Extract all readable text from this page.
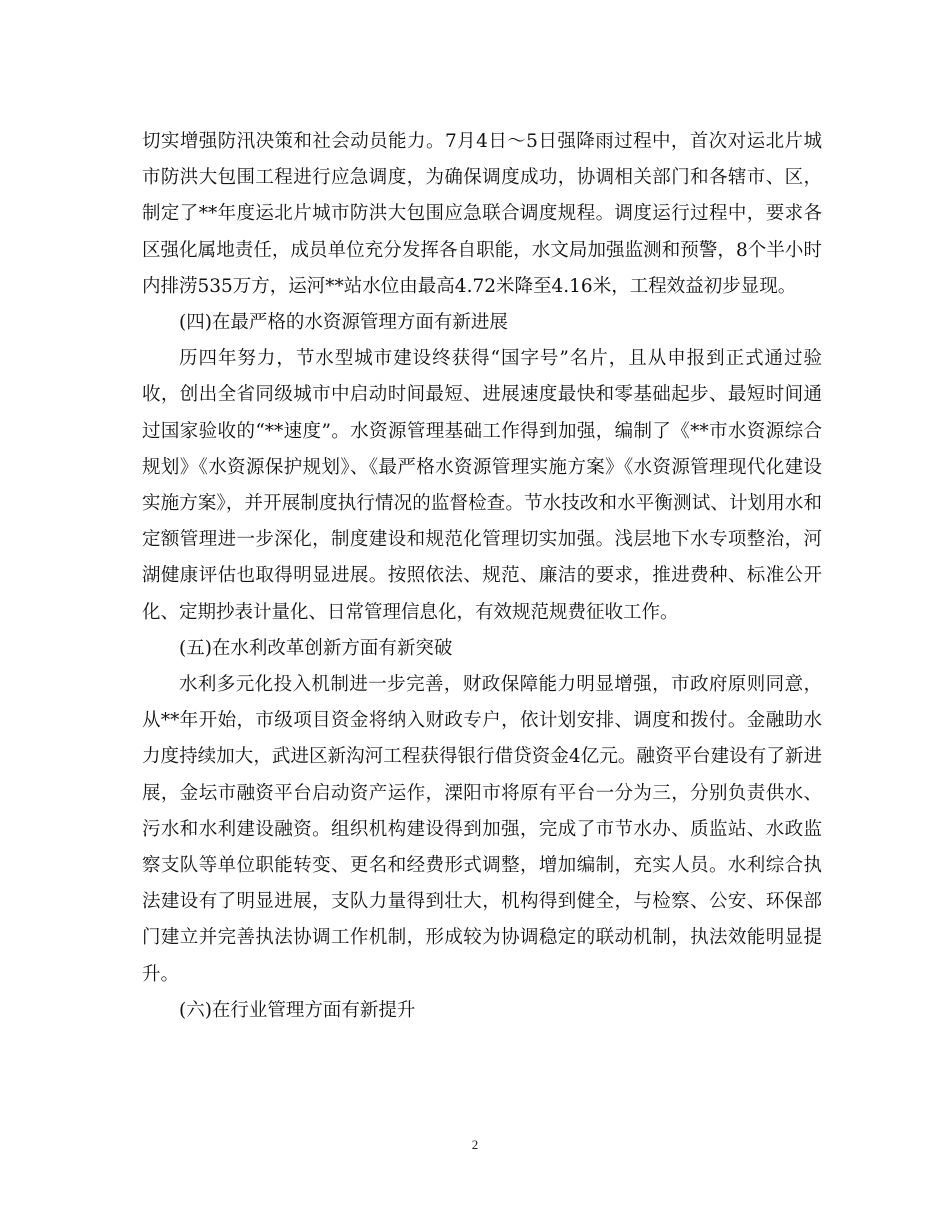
切实增强防汛决策和社会动员能力。7月4日～5日强降雨过程中，首次对运北片城市防洪大包围工程进行应急调度，为确保调度成功，协调相关部门和各辖市、区，制定了**年度运北片城市防洪大包围应急联合调度规程。调度运行过程中，要求各区强化属地责任，成员单位充分发挥各自职能，水文局加强监测和预警，8个半小时内排涝535万方，运河**站水位由最高4.72米降至4.16米，工程效益初步显现。

(四)在最严格的水资源管理方面有新进展

历四年努力，节水型城市建设终获得“国字号”名片，且从申报到正式通过验收，创出全省同级城市中启动时间最短、进展速度最快和零基础起步、最短时间通过国家验收的“**速度”。水资源管理基础工作得到加强，编制了《**市水资源综合规划》《水资源保护规划》、《最严格水资源管理实施方案》《水资源管理现代化建设实施方案》，并开展制度执行情况的监督检查。节水技改和水平衡测试、计划用水和定额管理进一步深化，制度建设和规范化管理切实加强。浅层地下水专项整治，河湖健康评估也取得明显进展。按照依法、规范、廉洁的要求，推进费种、标准公开化、定期抄表计量化、日常管理信息化，有效规范规费征收工作。

(五)在水利改革创新方面有新突破

水利多元化投入机制进一步完善，财政保障能力明显增强，市政府原则同意，从**年开始，市级项目资金将纳入财政专户，依计划安排、调度和拨付。金融助水力度持续加大，武进区新沟河工程获得银行借贷资金4亿元。融资平台建设有了新进展，金坛市融资平台启动资产运作，溧阳市将原有平台一分为三，分别负责供水、污水和水利建设融资。组织机构建设得到加强，完成了市节水办、质监站、水政监察支队等单位职能转变、更名和经费形式调整，增加编制，充实人员。水利综合执法建设有了明显进展，支队力量得到壮大，机构得到健全，与检察、公安、环保部门建立并完善执法协调工作机制，形成较为协调稳定的联动机制，执法效能明显提升。

(六)在行业管理方面有新提升

2
